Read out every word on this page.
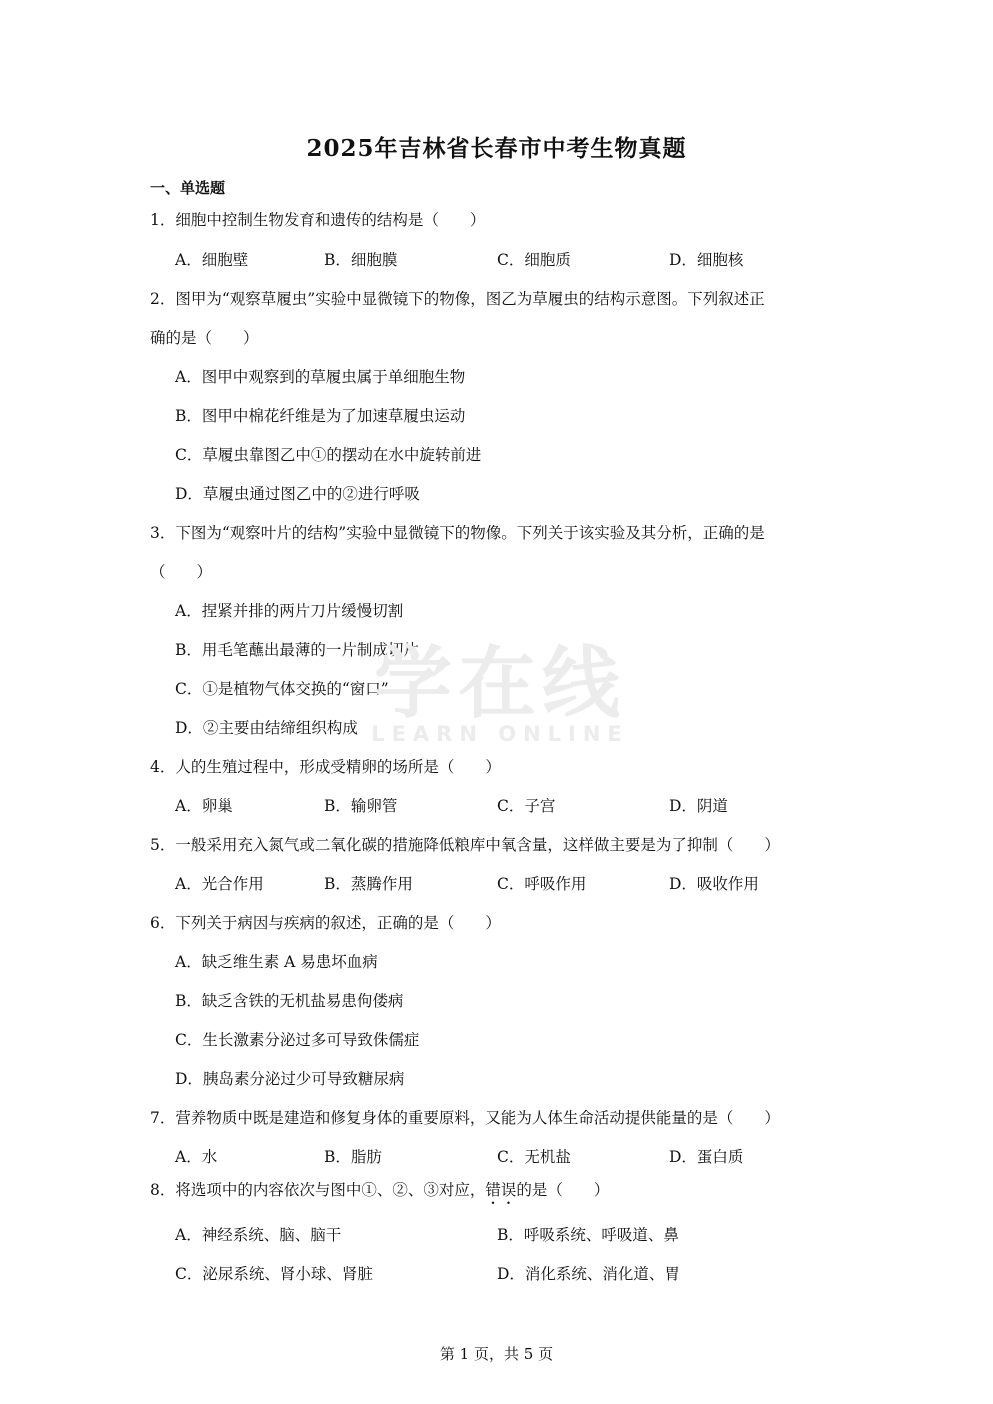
2025年吉林省长春市中考生物真题
一、单选题
1．细胞中控制生物发育和遗传的结构是（　　）
A．细胞壁	B．细胞膜	C．细胞质	D．细胞核
2．图甲为“观察草履虫”实验中显微镜下的物像，图乙为草履虫的结构示意图。下列叙述正
确的是（　　）
A．图甲中观察到的草履虫属于单细胞生物
B．图甲中棉花纤维是为了加速草履虫运动
C．草履虫靠图乙中①的摆动在水中旋转前进
D．草履虫通过图乙中的②进行呼吸
3．下图为“观察叶片的结构”实验中显微镜下的物像。下列关于该实验及其分析，正确的是
（　　）
A．捏紧并排的两片刀片缓慢切割
B．用毛笔蘸出最薄的一片制成切片
C．①是植物气体交换的“窗口”
D．②主要由结缔组织构成 学在线
LEARN ONLINE
4．人的生殖过程中，形成受精卵的场所是（　　）
A．卵巢	B．输卵管	C．子宫	D．阴道
5．一般采用充入氮气或二氧化碳的措施降低粮库中氧含量，这样做主要是为了抑制（　　）
A．光合作用	B．蒸腾作用	C．呼吸作用	D．吸收作用
6．下列关于病因与疾病的叙述，正确的是（　　）
A．缺乏维生素 A 易患坏血病
B．缺乏含铁的无机盐易患佝偻病
C．生长激素分泌过多可导致侏儒症
D．胰岛素分泌过少可导致糖尿病
7．营养物质中既是建造和修复身体的重要原料，又能为人体生命活动提供能量的是（　　）
A．水	B．脂肪	C．无机盐	D．蛋白质
8．将选项中的内容依次与图中①、②、③对应，错误的是（　　）
A．神经系统、脑、脑干	B．呼吸系统、呼吸道、鼻
C．泌尿系统、肾小球、肾脏	D．消化系统、消化道、胃
第 1 页，共 5 页
